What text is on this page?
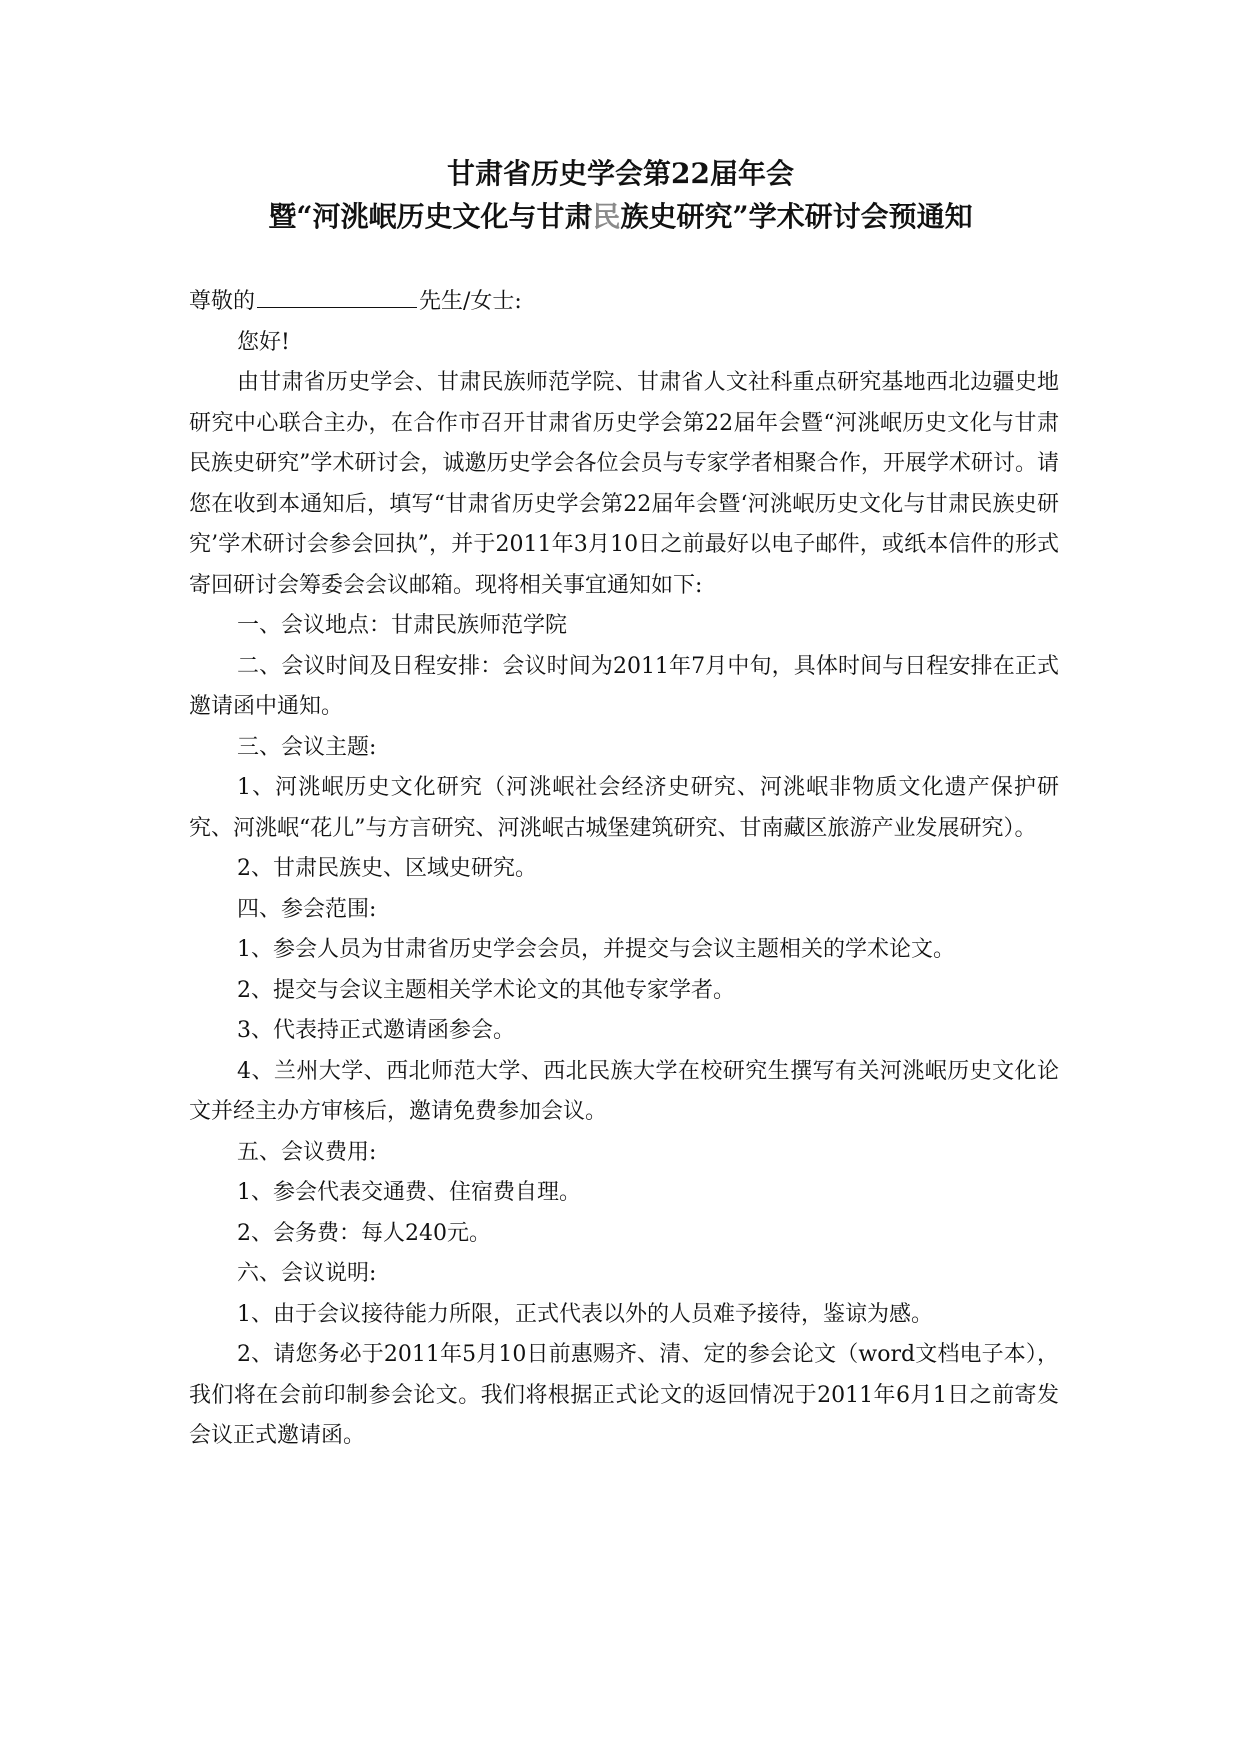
甘肃省历史学会第22届年会
暨“河洮岷历史文化与甘肃民族史研究”学术研讨会预通知

尊敬的	先生/女士:

您好!

由甘肃省历史学会、甘肃民族师范学院、甘肃省人文社科重点研究基地西北边疆史地研究中心联合主办，在合作市召开甘肃省历史学会第22届年会暨“河洮岷历史文化与甘肃民族史研究”学术研讨会，诚邀历史学会各位会员与专家学者相聚合作，开展学术研讨。请您在收到本通知后，填写“甘肃省历史学会第22届年会暨‘河洮岷历史文化与甘肃民族史研究’学术研讨会参会回执”，并于2011年3月10日之前最好以电子邮件，或纸本信件的形式寄回研讨会筹委会会议邮箱。现将相关事宜通知如下:

一、会议地点：甘肃民族师范学院

二、会议时间及日程安排：会议时间为2011年7月中旬，具体时间与日程安排在正式邀请函中通知。

三、会议主题:

1、河洮岷历史文化研究（河洮岷社会经济史研究、河洮岷非物质文化遗产保护研究、河洮岷“花儿”与方言研究、河洮岷古城堡建筑研究、甘南藏区旅游产业发展研究）。

2、甘肃民族史、区域史研究。

四、参会范围:

1、参会人员为甘肃省历史学会会员，并提交与会议主题相关的学术论文。

2、提交与会议主题相关学术论文的其他专家学者。

3、代表持正式邀请函参会。

4、兰州大学、西北师范大学、西北民族大学在校研究生撰写有关河洮岷历史文化论文并经主办方审核后，邀请免费参加会议。

五、会议费用:

1、参会代表交通费、住宿费自理。

2、会务费：每人240元。

六、会议说明:

1、由于会议接待能力所限，正式代表以外的人员难予接待，鉴谅为感。

2、请您务必于2011年5月10日前惠赐齐、清、定的参会论文（word文档电子本），我们将在会前印制参会论文。我们将根据正式论文的返回情况于2011年6月1日之前寄发会议正式邀请函。
